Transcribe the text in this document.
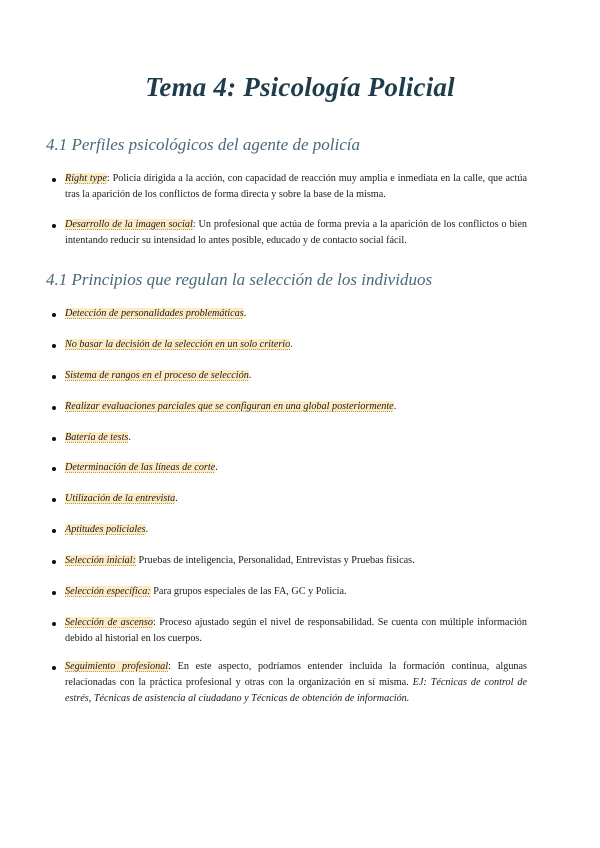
Tema 4: Psicología Policial
4.1 Perfiles psicológicos del agente de policía
Right type: Policía dirigida a la acción, con capacidad de reacción muy amplia e inmediata en la calle, que actúa tras la aparición de los conflictos de forma directa y sobre la base de la misma.
Desarrollo de la imagen social: Un profesional que actúa de forma previa a la aparición de los conflictos o bien intentando reducir su intensidad lo antes posible, educado y de contacto social fácil.
4.1 Principios que regulan la selección de los individuos
Detección de personalidades problemáticas.
No basar la decisión de la selección en un solo criterio.
Sistema de rangos en el proceso de selección.
Realizar evaluaciones parciales que se configuran en una global posteriormente.
Batería de tests.
Determinación de las líneas de corte.
Utilización de la entrevista.
Aptitudes policiales.
Selección inicial: Pruebas de inteligencia, Personalidad, Entrevistas y Pruebas físicas.
Selección específica: Para grupos especiales de las FA, GC y Policía.
Selección de ascenso: Proceso ajustado según el nivel de responsabilidad. Se cuenta con múltiple información debido al historial en los cuerpos.
Seguimiento profesional: En este aspecto, podríamos entender incluida la formación continua, algunas relacionadas con la práctica profesional y otras con la organización en sí misma. EJ: Técnicas de control de estrés, Técnicas de asistencia al ciudadano y Técnicas de obtención de información.
